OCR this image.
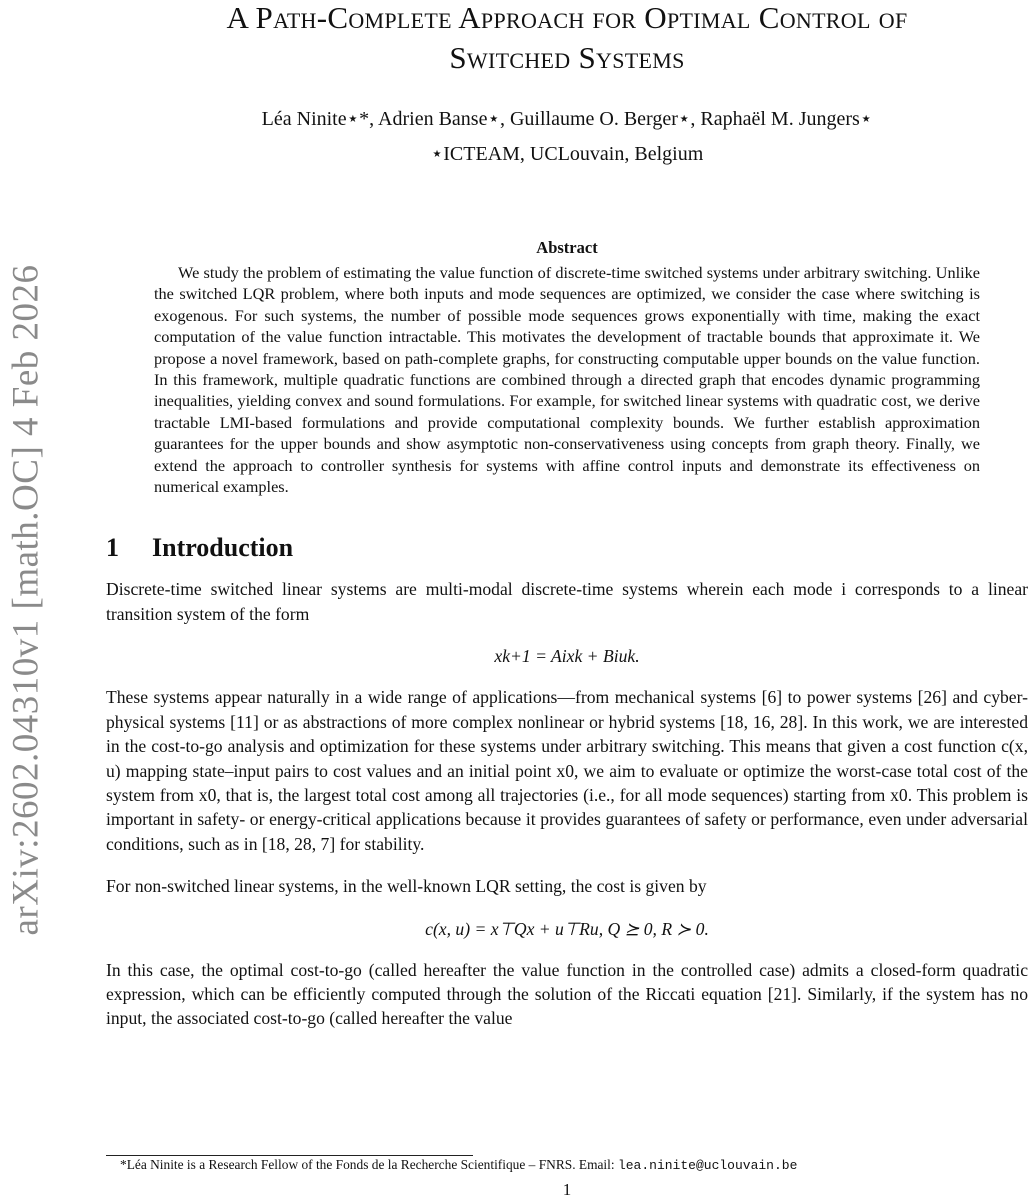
arXiv:2602.04310v1 [math.OC] 4 Feb 2026
A Path-Complete Approach for Optimal Control of
Switched Systems
Léa Ninite⋆*, Adrien Banse⋆, Guillaume O. Berger⋆, Raphaël M. Jungers⋆
⋆ICTEAM, UCLouvain, Belgium
Abstract

We study the problem of estimating the value function of discrete-time switched systems under arbitrary switching. Unlike the switched LQR problem, where both inputs and mode sequences are optimized, we consider the case where switching is exogenous. For such systems, the number of possible mode sequences grows exponentially with time, making the exact computation of the value function intractable. This motivates the development of tractable bounds that approximate it. We propose a novel framework, based on path-complete graphs, for constructing computable upper bounds on the value function. In this framework, multiple quadratic functions are combined through a directed graph that encodes dynamic programming inequalities, yielding convex and sound formulations. For example, for switched linear systems with quadratic cost, we derive tractable LMI-based formulations and provide computational complexity bounds. We further establish approximation guarantees for the upper bounds and show asymptotic non-conservativeness using concepts from graph theory. Finally, we extend the approach to controller synthesis for systems with affine control inputs and demonstrate its effectiveness on numerical examples.

1 Introduction

Discrete-time switched linear systems are multi-modal discrete-time systems wherein each mode i corresponds to a linear transition system of the form

xk+1 = Aixk + Biuk.

These systems appear naturally in a wide range of applications—from mechanical systems [6] to power systems [26] and cyber-physical systems [11] or as abstractions of more complex nonlinear or hybrid systems [18, 16, 28]. In this work, we are interested in the cost-to-go analysis and optimization for these systems under arbitrary switching. This means that given a cost function c(x, u) mapping state–input pairs to cost values and an initial point x0, we aim to evaluate or optimize the worst-case total cost of the system from x0, that is, the largest total cost among all trajectories (i.e., for all mode sequences) starting from x0. This problem is important in safety- or energy-critical applications because it provides guarantees of safety or performance, even under adversarial conditions, such as in [18, 28, 7] for stability.

For non-switched linear systems, in the well-known LQR setting, the cost is given by

c(x, u) = x⊤Qx + u⊤Ru, Q ⪰ 0, R ≻ 0.

In this case, the optimal cost-to-go (called hereafter the value function in the controlled case) admits a closed-form quadratic expression, which can be efficiently computed through the solution of the Riccati equation [21]. Similarly, if the system has no input, the associated cost-to-go (called hereafter the value

*Léa Ninite is a Research Fellow of the Fonds de la Recherche Scientifique – FNRS. Email: lea.ninite@uclouvain.be
1
